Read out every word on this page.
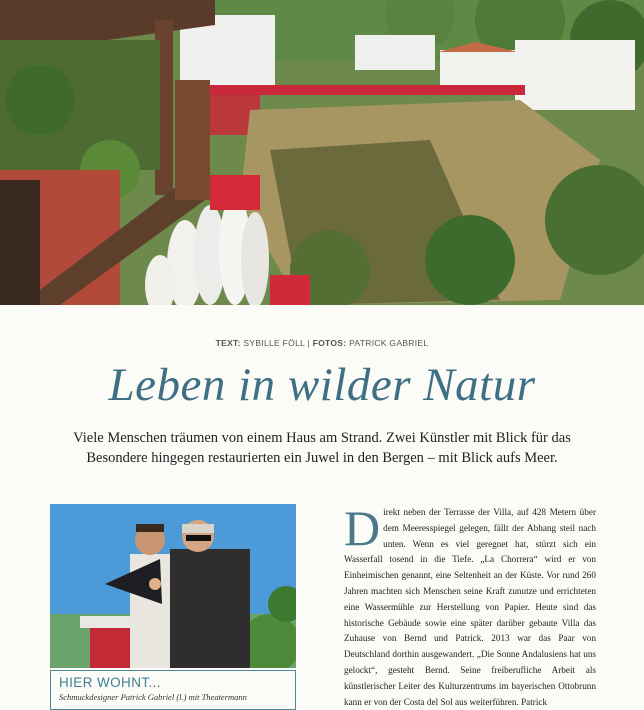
TEXT: SYBILLE FÖLL | FOTOS: PATRICK GABRIEL
Leben in wilder Natur
Viele Menschen träumen von einem Haus am Strand. Zwei Künstler mit Blick für das Besondere hingegen restaurierten ein Juwel in den Bergen – mit Blick aufs Meer.
HIER WOHNT...
Schmuckdesigner Patrick Gabriel (l.) mit Theatermann
D irekt neben der Terrasse der Villa, auf 428 Metern über dem Meeresspiegel gelegen, fällt der Abhang steil nach unten. Wenn es viel geregnet hat, stürzt sich ein Wasserfall tosend in die Tiefe. „La Chorrera“ wird er von Einheimischen genannt, eine Seltenheit an der Küste. Vor rund 260 Jahren machten sich Menschen seine Kraft zunutze und errichteten eine Wassermühle zur Herstellung von Papier. Heute sind das historische Gebäude sowie eine später darüber gebaute Villa das Zuhause von Bernd und Patrick. 2013 war das Paar von Deutschland dorthin ausgewandert. „Die Sonne Andalusiens hat uns gelockt“, gesteht Bernd. Seine freiberufliche Arbeit als künstlerischer Leiter des Kulturzentrums im bayerischen Ottobrunn kann er von der Costa del Sol aus weiterführen. Patrick
